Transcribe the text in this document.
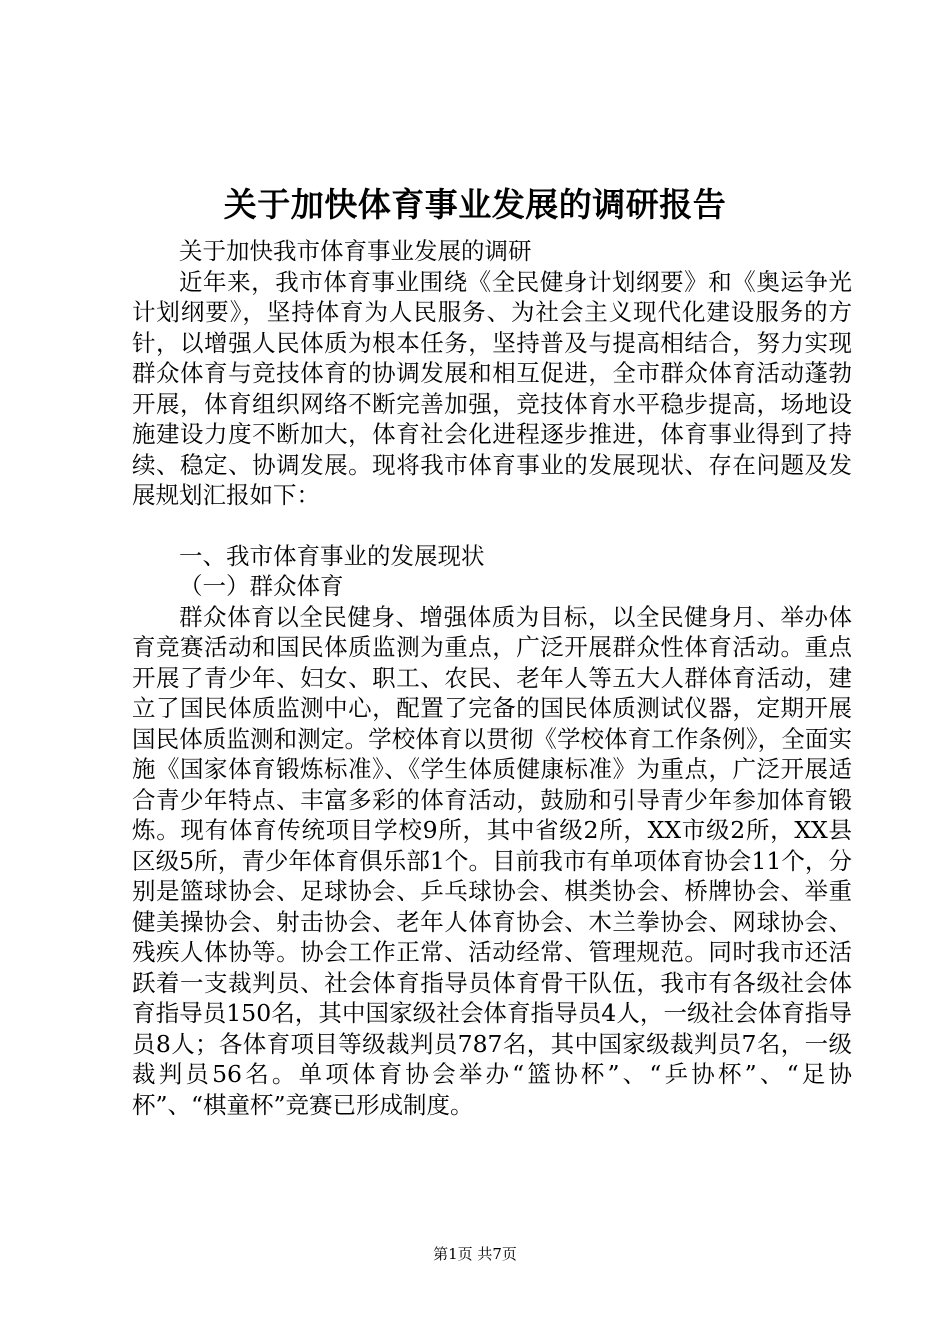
关于加快体育事业发展的调研报告

关于加快我市体育事业发展的调研

近年来，我市体育事业围绕《全民健身计划纲要》和《奥运争光计划纲要》，坚持体育为人民服务、为社会主义现代化建设服务的方针，以增强人民体质为根本任务，坚持普及与提高相结合，努力实现群众体育与竞技体育的协调发展和相互促进，全市群众体育活动蓬勃开展，体育组织网络不断完善加强，竞技体育水平稳步提高，场地设施建设力度不断加大，体育社会化进程逐步推进，体育事业得到了持续、稳定、协调发展。现将我市体育事业的发展现状、存在问题及发展规划汇报如下：

一、我市体育事业的发展现状

（一）群众体育

群众体育以全民健身、增强体质为目标，以全民健身月、举办体育竞赛活动和国民体质监测为重点，广泛开展群众性体育活动。重点开展了青少年、妇女、职工、农民、老年人等五大人群体育活动，建立了国民体质监测中心，配置了完备的国民体质测试仪器，定期开展国民体质监测和测定。学校体育以贯彻《学校体育工作条例》，全面实施《国家体育锻炼标准》、《学生体质健康标准》为重点，广泛开展适合青少年特点、丰富多彩的体育活动，鼓励和引导青少年参加体育锻炼。现有体育传统项目学校9所，其中省级2所，XX市级2所，XX县区级5所，青少年体育俱乐部1个。目前我市有单项体育协会11个，分别是篮球协会、足球协会、乒乓球协会、棋类协会、桥牌协会、举重健美操协会、射击协会、老年人体育协会、木兰拳协会、网球协会、残疾人体协等。协会工作正常、活动经常、管理规范。同时我市还活跃着一支裁判员、社会体育指导员体育骨干队伍，我市有各级社会体育指导员150名，其中国家级社会体育指导员4人，一级社会体育指导员8人；各体育项目等级裁判员787名，其中国家级裁判员7名，一级裁判员56名。单项体育协会举办“篮协杯”、“乒协杯”、“足协杯”、“棋童杯”竞赛已形成制度。

第1页 共7页
